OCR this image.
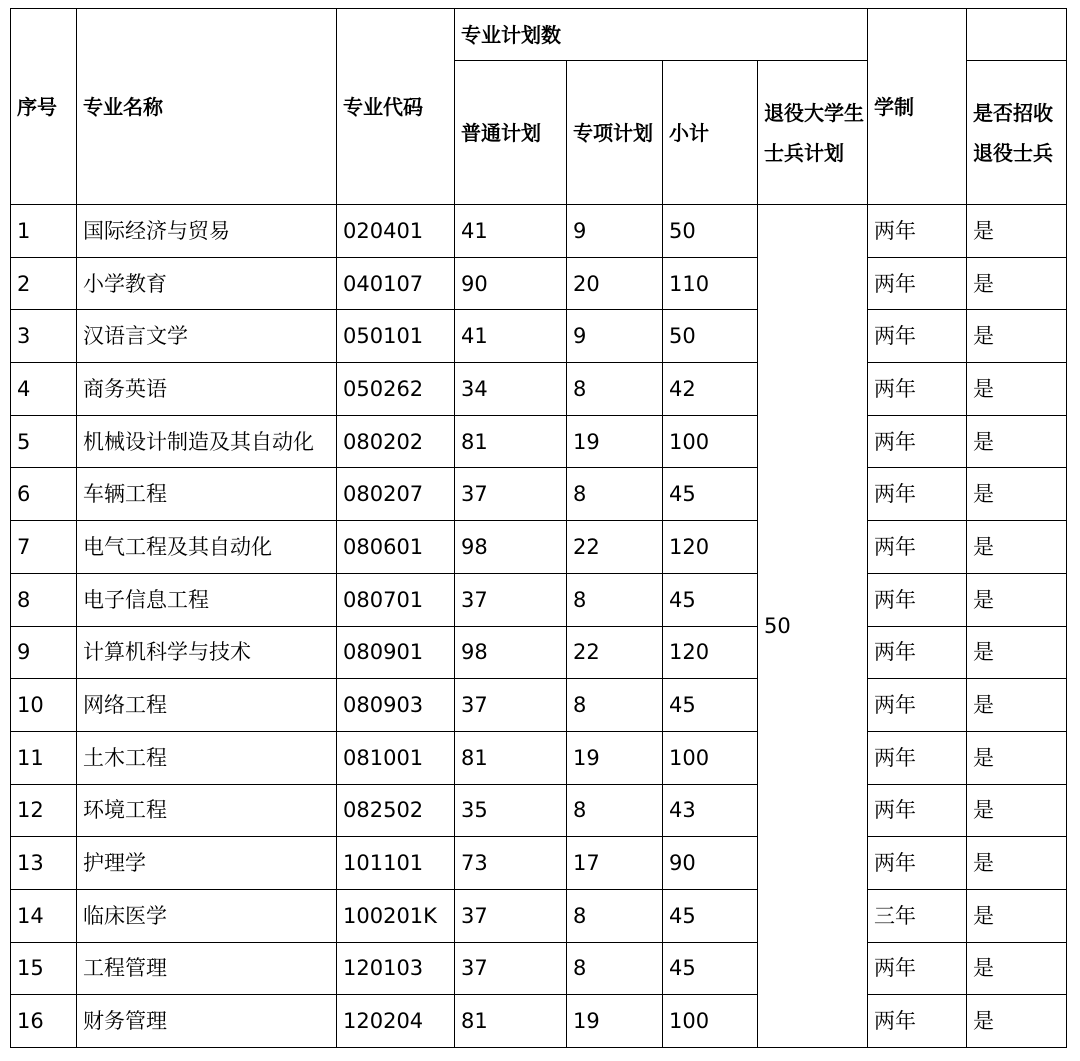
序号	专业名称	专业代码	专业计划数				学制	
			普通计划	专项计划	小计	退役大学生士兵计划		是否招收退役士兵
1	国际经济与贸易	020401	41	9	50	50	两年	是
2	小学教育	040107	90	20	110		两年	是
3	汉语言文学	050101	41	9	50		两年	是
4	商务英语	050262	34	8	42		两年	是
5	机械设计制造及其自动化	080202	81	19	100		两年	是
6	车辆工程	080207	37	8	45		两年	是
7	电气工程及其自动化	080601	98	22	120		两年	是
8	电子信息工程	080701	37	8	45		两年	是
9	计算机科学与技术	080901	98	22	120		两年	是
10	网络工程	080903	37	8	45		两年	是
11	土木工程	081001	81	19	100		两年	是
12	环境工程	082502	35	8	43		两年	是
13	护理学	101101	73	17	90		两年	是
14	临床医学	100201K	37	8	45		三年	是
15	工程管理	120103	37	8	45		两年	是
16	财务管理	120204	81	19	100		两年	是
